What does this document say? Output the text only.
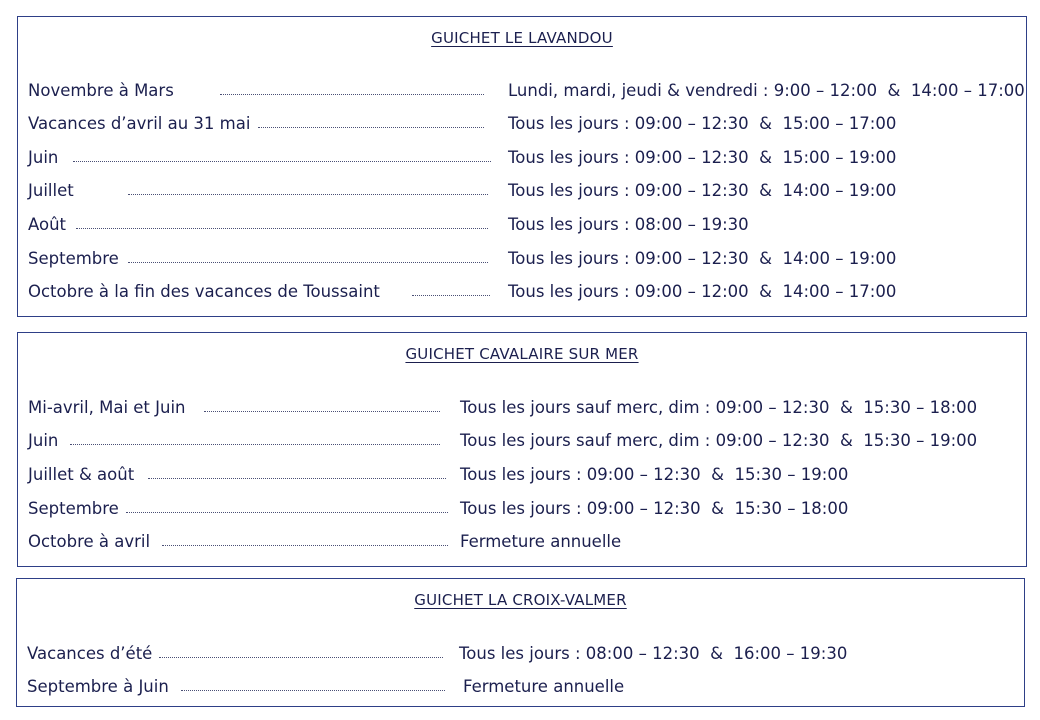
GUICHET LE LAVANDOU
Novembre à Mars	Lundi, mardi, jeudi & vendredi : 9:00 – 12:00  &  14:00 – 17:00
Vacances d’avril au 31 mai	Tous les jours : 09:00 – 12:30  &  15:00 – 17:00
Juin	Tous les jours : 09:00 – 12:30  &  15:00 – 19:00
Juillet	Tous les jours : 09:00 – 12:30  &  14:00 – 19:00
Août	Tous les jours : 08:00 – 19:30
Septembre	Tous les jours : 09:00 – 12:30  &  14:00 – 19:00
Octobre à la fin des vacances de Toussaint	Tous les jours : 09:00 – 12:00  &  14:00 – 17:00
GUICHET CAVALAIRE SUR MER
Mi-avril, Mai et Juin	Tous les jours sauf merc, dim : 09:00 – 12:30  &  15:30 – 18:00
Juin	Tous les jours sauf merc, dim : 09:00 – 12:30  &  15:30 – 19:00
Juillet & août	Tous les jours : 09:00 – 12:30  &  15:30 – 19:00
Septembre	Tous les jours : 09:00 – 12:30  &  15:30 – 18:00
Octobre à avril	Fermeture annuelle
GUICHET LA CROIX-VALMER
Vacances d’été	Tous les jours : 08:00 – 12:30  &  16:00 – 19:30
Septembre à Juin	Fermeture annuelle
